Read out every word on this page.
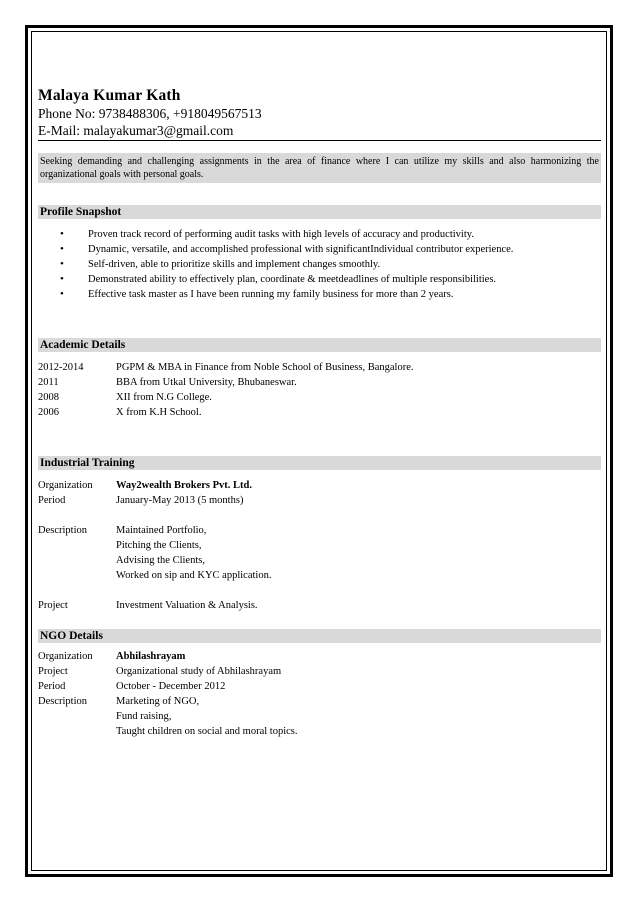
Malaya Kumar Kath

Phone No: 9738488306, +918049567513

E-Mail: malayakumar3@gmail.com

Seeking demanding and challenging assignments in the area of finance where I can utilize my skills and also harmonizing the organizational goals with personal goals.
Profile Snapshot
• Proven track record of performing audit tasks with high levels of accuracy and productivity.
• Dynamic, versatile, and accomplished professional with significantIndividual contributor experience.
• Self-driven, able to prioritize skills and implement changes smoothly.
• Demonstrated ability to effectively plan, coordinate & meetdeadlines of multiple responsibilities.
• Effective task master as I have been running my family business for more than 2 years.
Academic Details
2012-2014	PGPM & MBA in Finance from Noble School of Business, Bangalore.
2011	BBA from Utkal University, Bhubaneswar.
2008	XII from N.G College.
2006	X from K.H School.
Industrial Training
Organization	Way2wealth Brokers Pvt. Ltd.
Period	January-May 2013 (5 months)
Description	Maintained Portfolio,
Pitching the Clients,
Advising the Clients,
Worked on sip and KYC application.
Project	Investment Valuation & Analysis.
NGO Details
Organization	Abhilashrayam
Project	Organizational study of Abhilashrayam
Period	October - December 2012
Description	Marketing of NGO,
Fund raising,
Taught children on social and moral topics.
